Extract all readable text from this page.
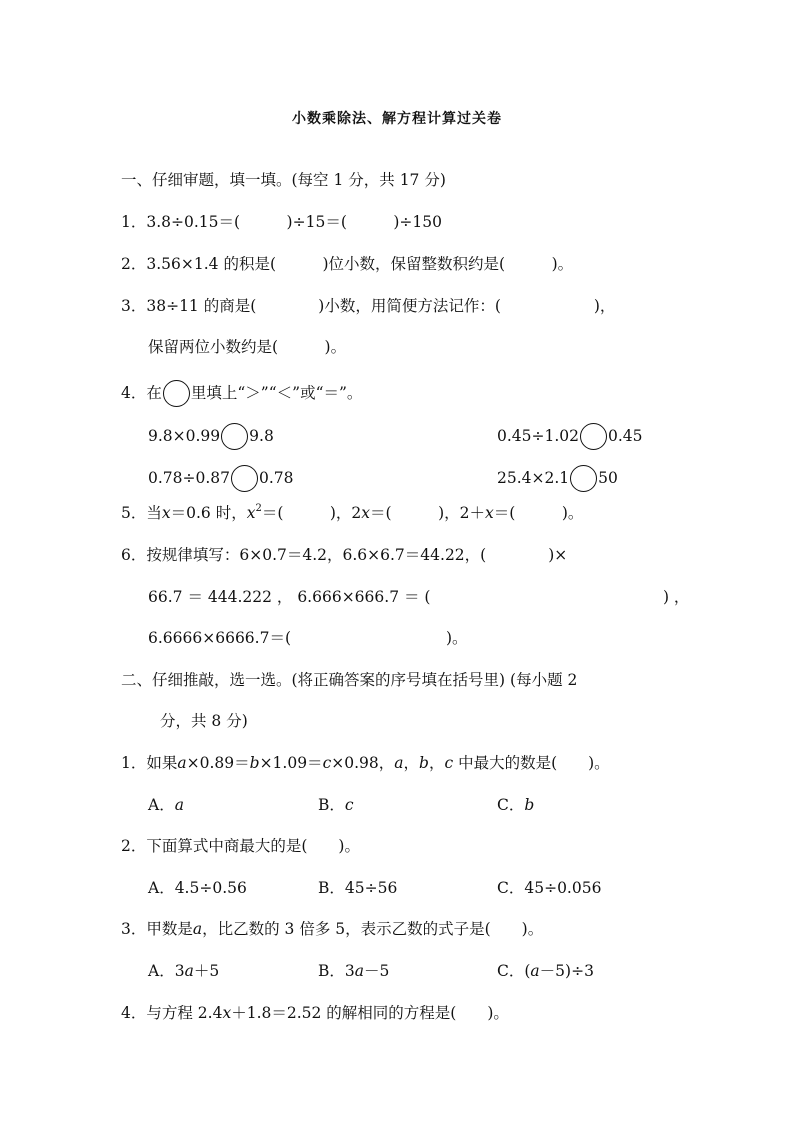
小数乘除法、解方程计算过关卷
一、仔细审题，填一填。(每空 1 分，共 17 分)
1．3.8÷0.15＝(　　　)÷15＝(　　　)÷150
2．3.56×1.4 的积是(　　　)位小数，保留整数积约是(　　　)。
3．38÷11 的商是(　　　　)小数，用简便方法记作：(　　　　　　)，
保留两位小数约是(　　　)。
4．在 里填上“＞”“＜”或“＝”。
9.8×0.99 9.8	0.45÷1.02 0.45
0.78÷0.87 0.78	25.4×2.1 50
5．当x＝0.6 时，$x^2=$(　　　)，2x＝(　　　)，2＋x＝(　　　)。
6．按规律填写：6×0.7＝4.2，6.6×6.7＝44.22，(　　　　)×
66.7 ＝ 444.222 ， 6.666×666.7 ＝ (　　　　　　　　　　　　　　　) ，
6.6666×6666.7＝(　　　　　　　　　　)。
二、仔细推敲，选一选。(将正确答案的序号填在括号里) (每小题 2
分，共 8 分)
1．如果a×0.89＝b×1.09＝c×0.98，a，b，c 中最大的数是(　　)。
A．a	B．c	C．b
2．下面算式中商最大的是(　　)。
A．4.5÷0.56	B．45÷56	C．45÷0.056
3．甲数是a，比乙数的 3 倍多 5，表示乙数的式子是(　　)。
A．3a＋5	B．3a－5	C．(a－5)÷3
4．与方程 2.4x＋1.8＝2.52 的解相同的方程是(　　)。
